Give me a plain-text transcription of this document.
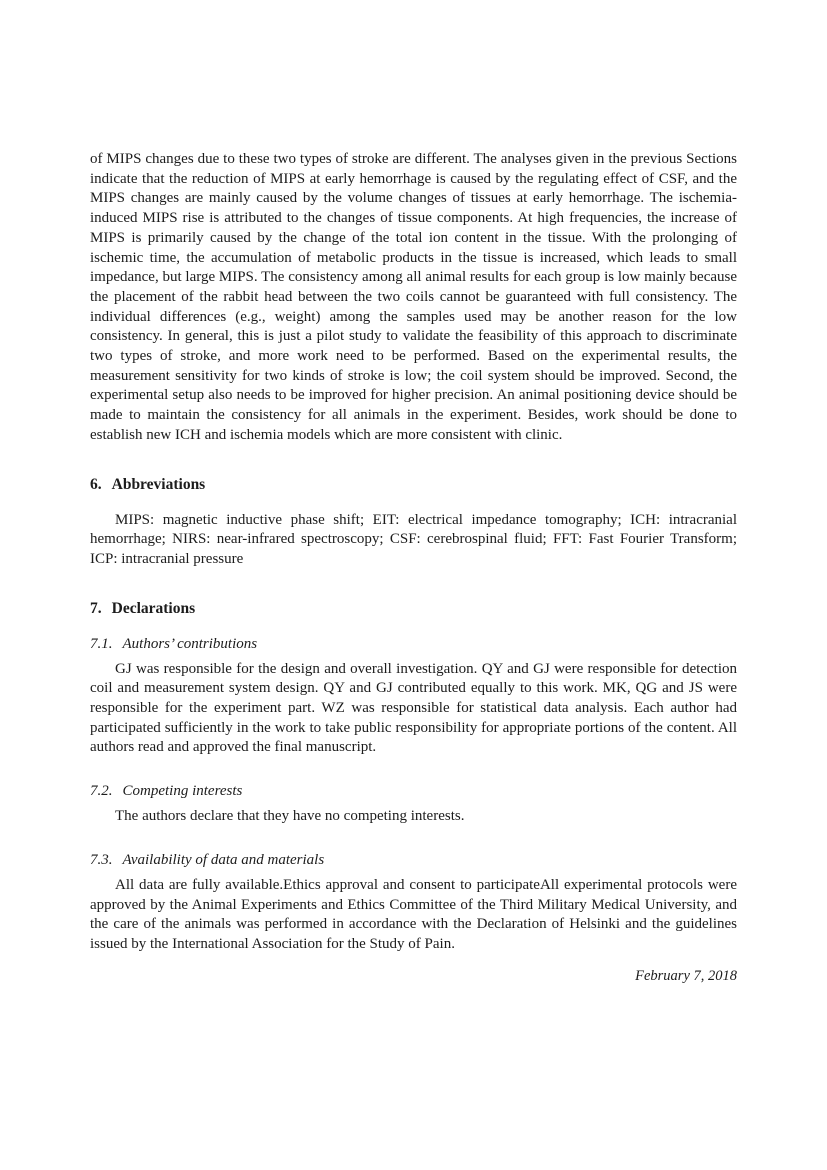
of MIPS changes due to these two types of stroke are different. The analyses given in the previous Sections indicate that the reduction of MIPS at early hemorrhage is caused by the regulating effect of CSF, and the MIPS changes are mainly caused by the volume changes of tissues at early hemorrhage. The ischemia-induced MIPS rise is attributed to the changes of tissue components. At high frequencies, the increase of MIPS is primarily caused by the change of the total ion content in the tissue. With the prolonging of ischemic time, the accumulation of metabolic products in the tissue is increased, which leads to small impedance, but large MIPS. The consistency among all animal results for each group is low mainly because the placement of the rabbit head between the two coils cannot be guaranteed with full consistency. The individual differences (e.g., weight) among the samples used may be another reason for the low consistency. In general, this is just a pilot study to validate the feasibility of this approach to discriminate two types of stroke, and more work need to be performed. Based on the experimental results, the measurement sensitivity for two kinds of stroke is low; the coil system should be improved. Second, the experimental setup also needs to be improved for higher precision. An animal positioning device should be made to maintain the consistency for all animals in the experiment. Besides, work should be done to establish new ICH and ischemia models which are more consistent with clinic.

6. Abbreviations

MIPS: magnetic inductive phase shift; EIT: electrical impedance tomography; ICH: intracranial hemorrhage; NIRS: near-infrared spectroscopy; CSF: cerebrospinal fluid; FFT: Fast Fourier Transform; ICP: intracranial pressure

7. Declarations
7.1. Authors’ contributions

GJ was responsible for the design and overall investigation. QY and GJ were responsible for detection coil and measurement system design. QY and GJ contributed equally to this work. MK, QG and JS were responsible for the experiment part. WZ was responsible for statistical data analysis. Each author had participated sufficiently in the work to take public responsibility for appropriate portions of the content. All authors read and approved the final manuscript.

7.2. Competing interests

The authors declare that they have no competing interests.

7.3. Availability of data and materials

All data are fully available.Ethics approval and consent to participateAll experimental protocols were approved by the Animal Experiments and Ethics Committee of the Third Military Medical University, and the care of the animals was performed in accordance with the Declaration of Helsinki and the guidelines issued by the International Association for the Study of Pain.

February 7, 2018
